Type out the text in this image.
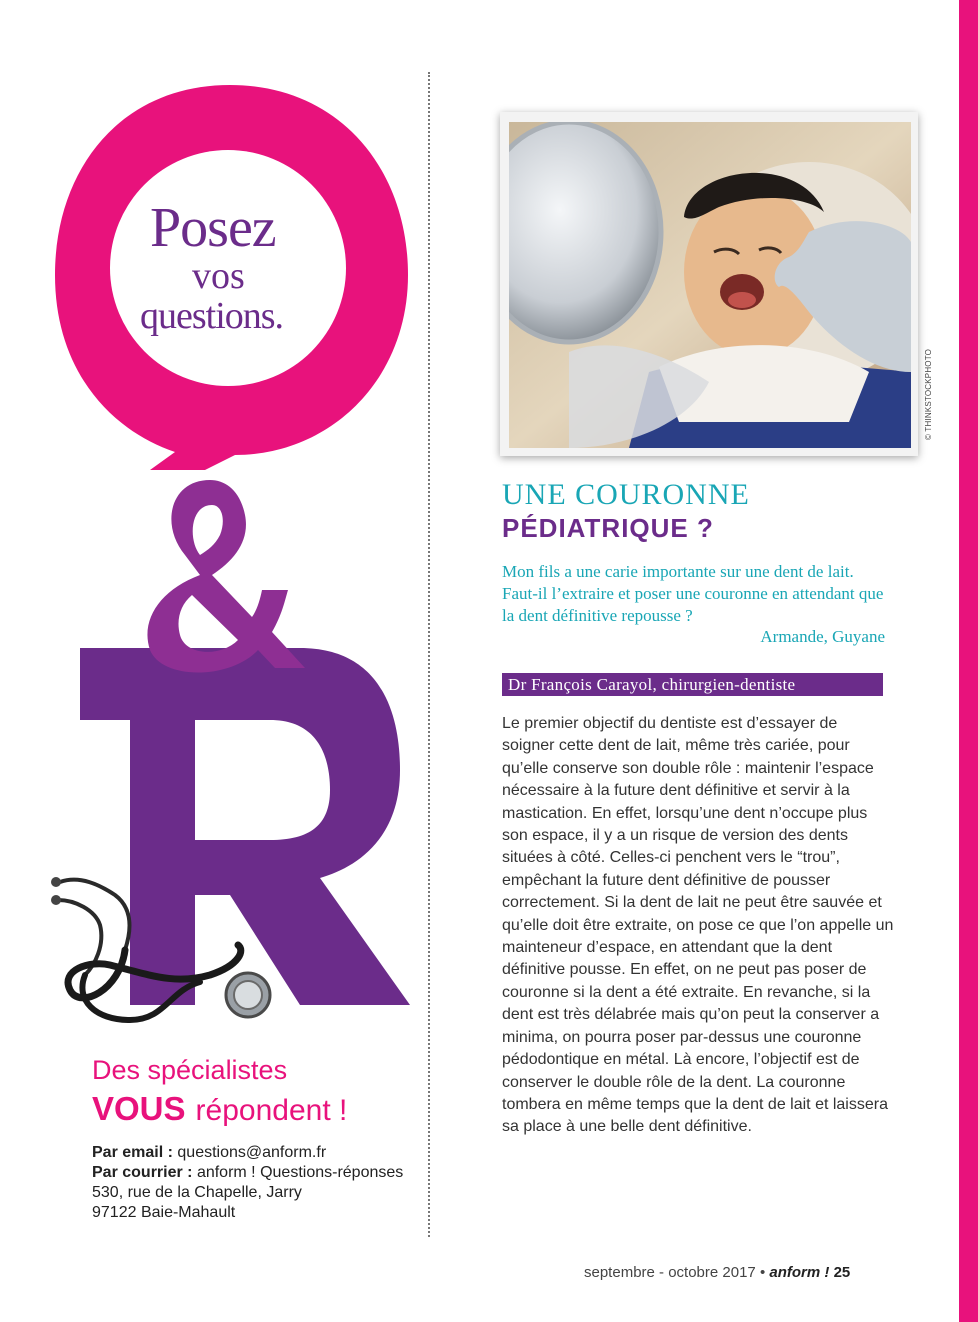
Posez
vos
questions.
Des spécialistes
VOUS répondent !
Par email : questions@anform.fr
Par courrier : anform ! Questions-réponses
530, rue de la Chapelle, Jarry
97122 Baie-Mahault
© THINKSTOCKPHOTO
UNE COURONNE
PÉDIATRIQUE ?
Mon fils a une carie importante sur une dent de lait. Faut-il l’extraire et poser une couronne en attendant que la dent définitive repousse ?
Armande, Guyane
Dr François Carayol, chirurgien-dentiste
Le premier objectif du dentiste est d’essayer de soigner cette dent de lait, même très cariée, pour qu’elle conserve son double rôle : maintenir l’espace nécessaire à la future dent définitive et servir à la mastication. En effet, lorsqu’une dent n’occupe plus son espace, il y a un risque de version des dents situées à côté. Celles-ci penchent vers le “trou”, empêchant la future dent définitive de pousser correctement. Si la dent de lait ne peut être sauvée et qu’elle doit être extraite, on pose ce que l’on appelle un mainteneur d’espace, en attendant que la dent définitive pousse. En effet, on ne peut pas poser de couronne si la dent a été extraite. En revanche, si la dent est très délabrée mais qu’on peut la conserver a minima, on pourra poser par-dessus une couronne pédodontique en métal. Là encore, l’objectif est de conserver le double rôle de la dent. La couronne tombera en même temps que la dent de lait et laissera sa place à une belle dent définitive.
septembre - octobre 2017 • anform ! 25
